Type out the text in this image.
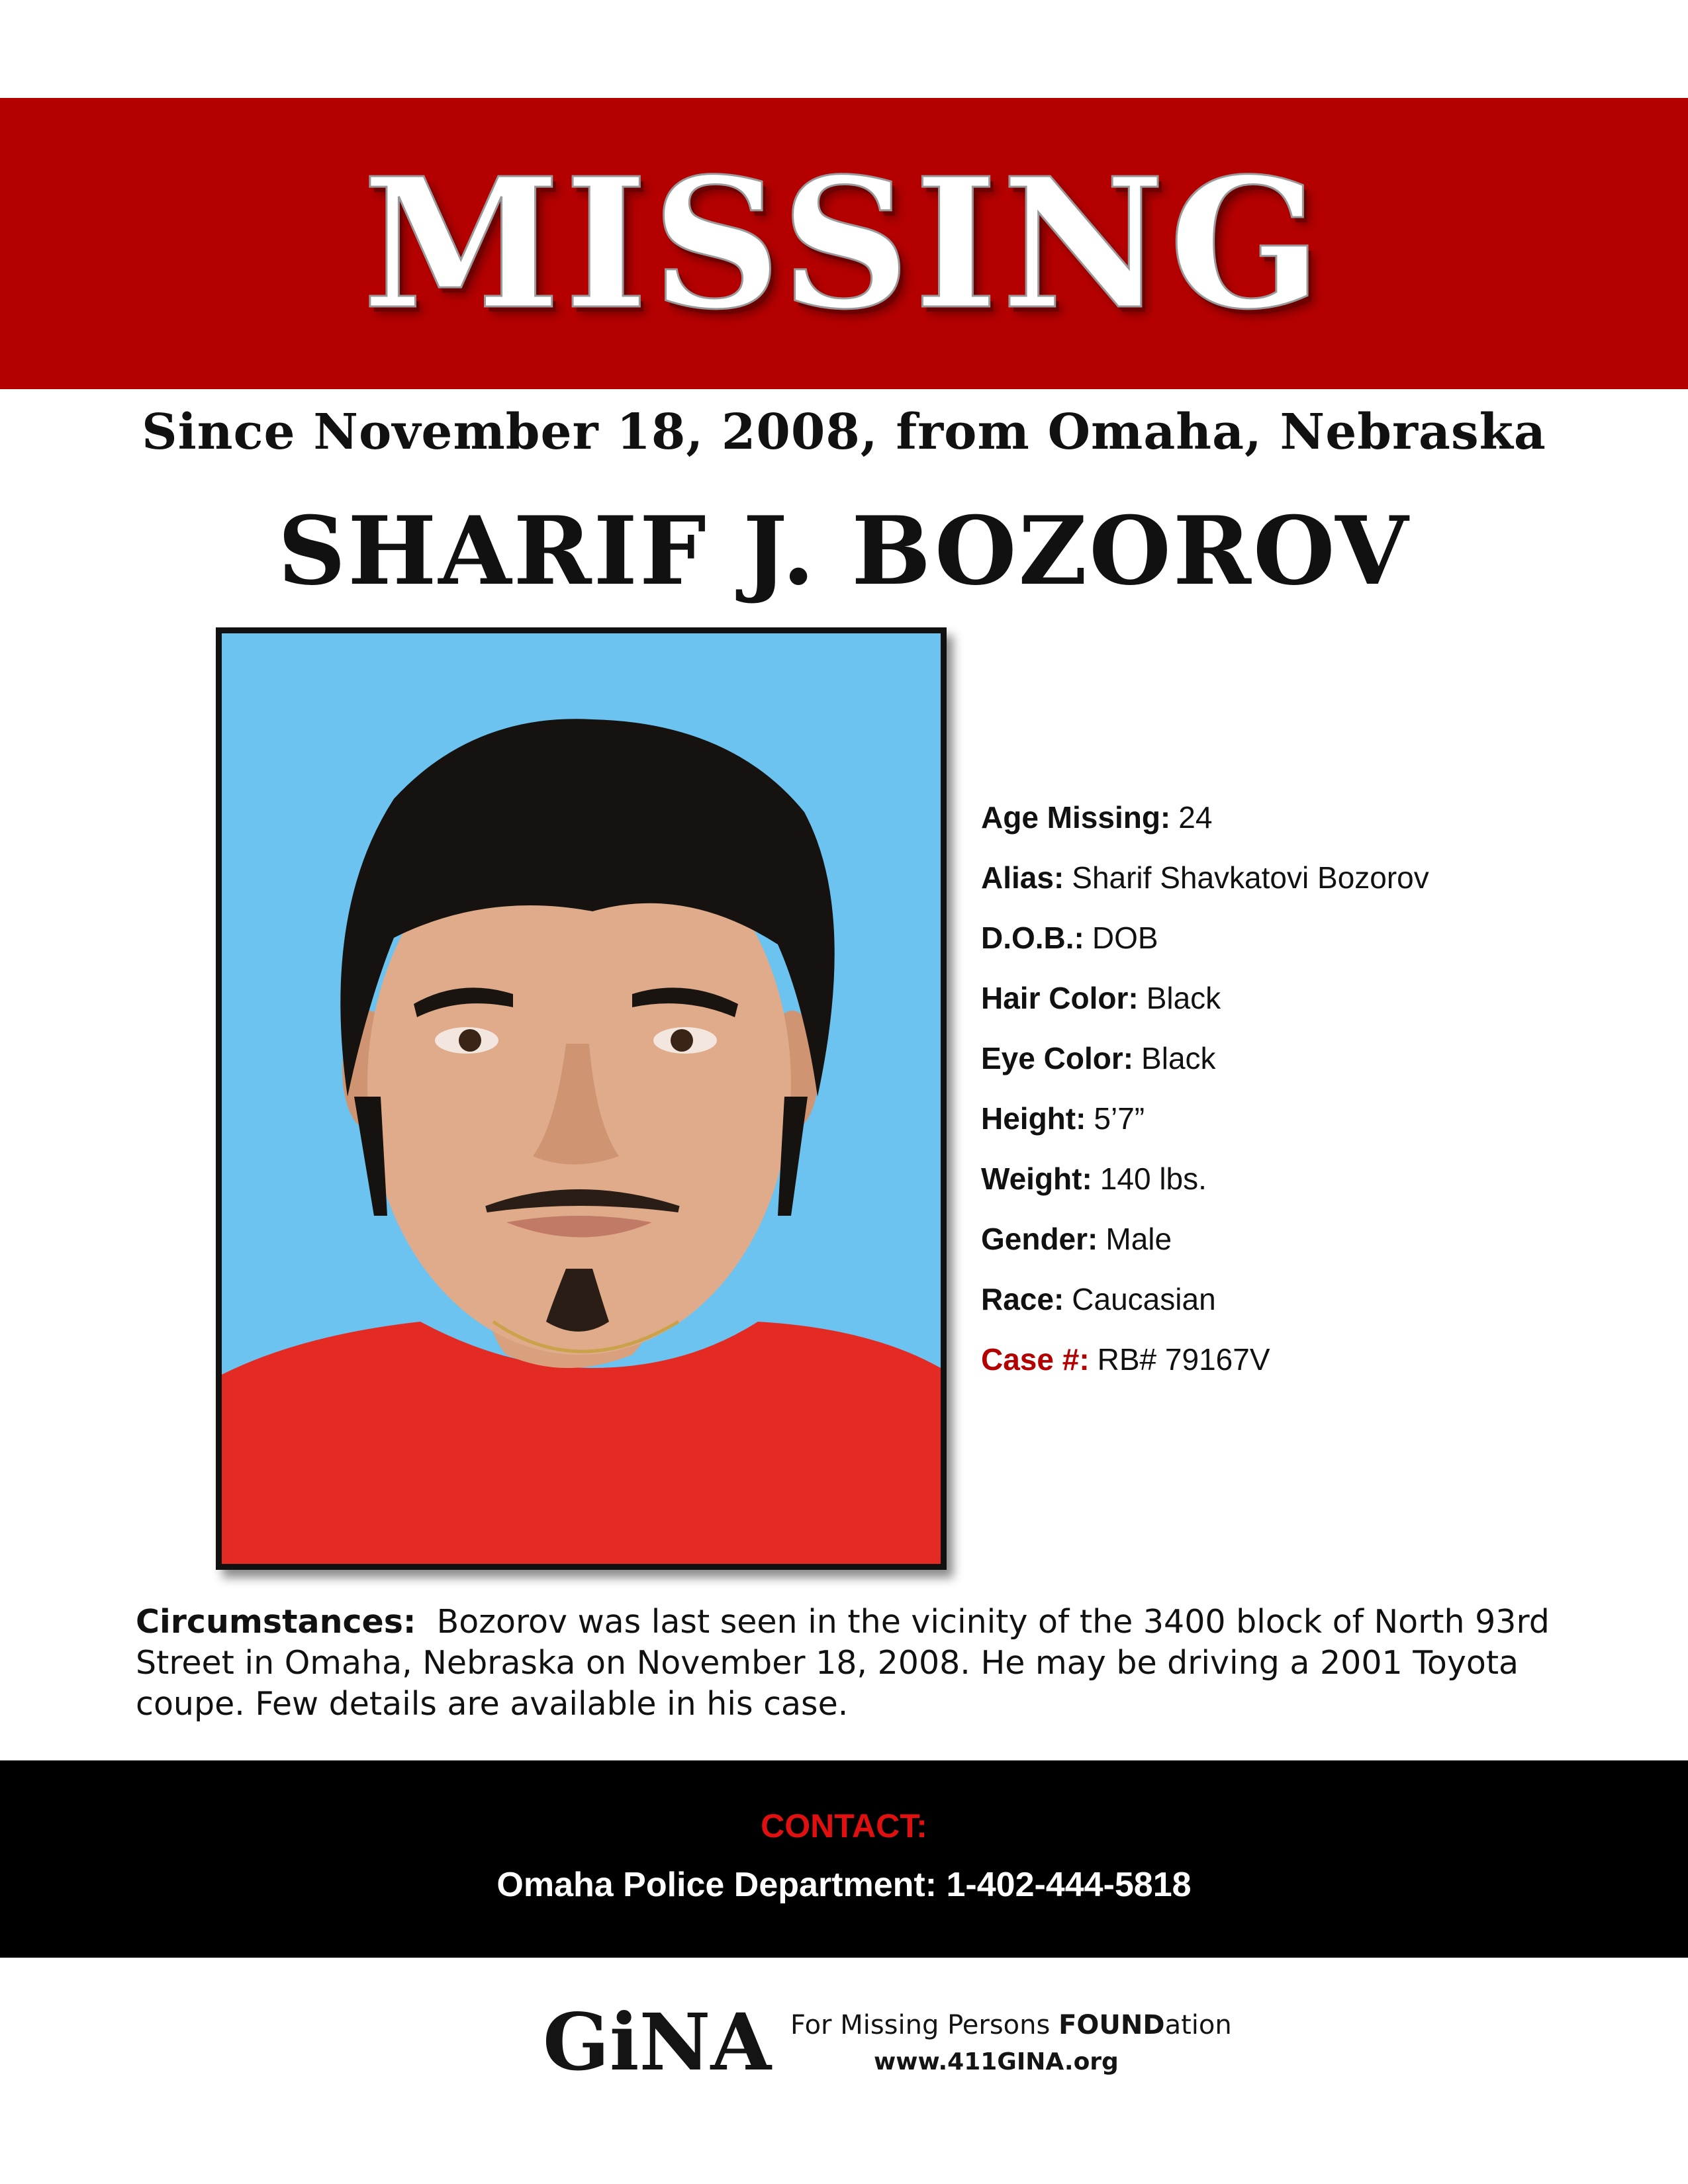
MISSING
Since November 18, 2008, from Omaha, Nebraska
SHARIF J. BOZOROV
Age Missing: 24
Alias: Sharif Shavkatovi Bozorov
D.O.B.: DOB
Hair Color: Black
Eye Color: Black
Height: 5’7”
Weight: 140 lbs.
Gender: Male
Race: Caucasian
Case #: RB# 79167V
Circumstances: Bozorov was last seen in the vicinity of the 3400 block of North 93rd Street in Omaha, Nebraska on November 18, 2008. He may be driving a 2001 Toyota coupe. Few details are available in his case.
CONTACT:
Omaha Police Department: 1-402-444-5818
GiNA For Missing Persons FOUNDation
www.411GINA.org
